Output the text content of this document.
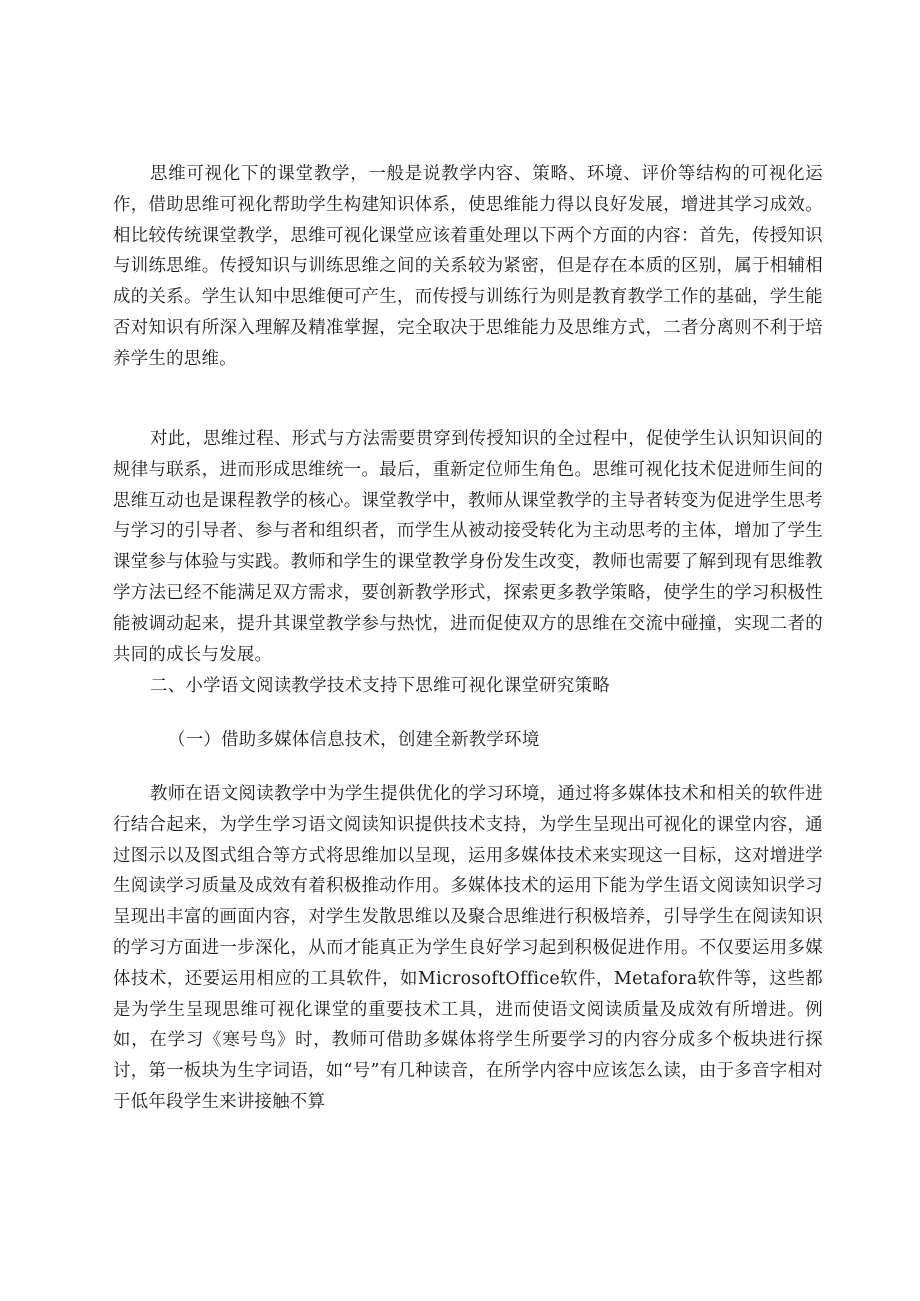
思维可视化下的课堂教学，一般是说教学内容、策略、环境、评价等结构的可视化运作，借助思维可视化帮助学生构建知识体系，使思维能力得以良好发展，增进其学习成效。相比较传统课堂教学，思维可视化课堂应该着重处理以下两个方面的内容：首先，传授知识与训练思维。传授知识与训练思维之间的关系较为紧密，但是存在本质的区别，属于相辅相成的关系。学生认知中思维便可产生，而传授与训练行为则是教育教学工作的基础，学生能否对知识有所深入理解及精准掌握，完全取决于思维能力及思维方式，二者分离则不利于培养学生的思维。

对此，思维过程、形式与方法需要贯穿到传授知识的全过程中，促使学生认识知识间的规律与联系，进而形成思维统一。最后，重新定位师生角色。思维可视化技术促进师生间的思维互动也是课程教学的核心。课堂教学中，教师从课堂教学的主导者转变为促进学生思考与学习的引导者、参与者和组织者，而学生从被动接受转化为主动思考的主体，增加了学生课堂参与体验与实践。教师和学生的课堂教学身份发生改变，教师也需要了解到现有思维教学方法已经不能满足双方需求，要创新教学形式，探索更多教学策略，使学生的学习积极性能被调动起来，提升其课堂教学参与热忱，进而促使双方的思维在交流中碰撞，实现二者的共同的成长与发展。

二、小学语文阅读教学技术支持下思维可视化课堂研究策略
（一）借助多媒体信息技术，创建全新教学环境

教师在语文阅读教学中为学生提供优化的学习环境，通过将多媒体技术和相关的软件进行结合起来，为学生学习语文阅读知识提供技术支持，为学生呈现出可视化的课堂内容，通过图示以及图式组合等方式将思维加以呈现，运用多媒体技术来实现这一目标，这对增进学生阅读学习质量及成效有着积极推动作用。多媒体技术的运用下能为学生语文阅读知识学习呈现出丰富的画面内容，对学生发散思维以及聚合思维进行积极培养，引导学生在阅读知识的学习方面进一步深化，从而才能真正为学生良好学习起到积极促进作用。不仅要运用多媒体技术，还要运用相应的工具软件，如MicrosoftOffice软件，Metafora软件等，这些都是为学生呈现思维可视化课堂的重要技术工具，进而使语文阅读质量及成效有所增进。例如，在学习《寒号鸟》时，教师可借助多媒体将学生所要学习的内容分成多个板块进行探讨，第一板块为生字词语，如“号”有几种读音，在所学内容中应该怎么读，由于多音字相对于低年段学生来讲接触不算
